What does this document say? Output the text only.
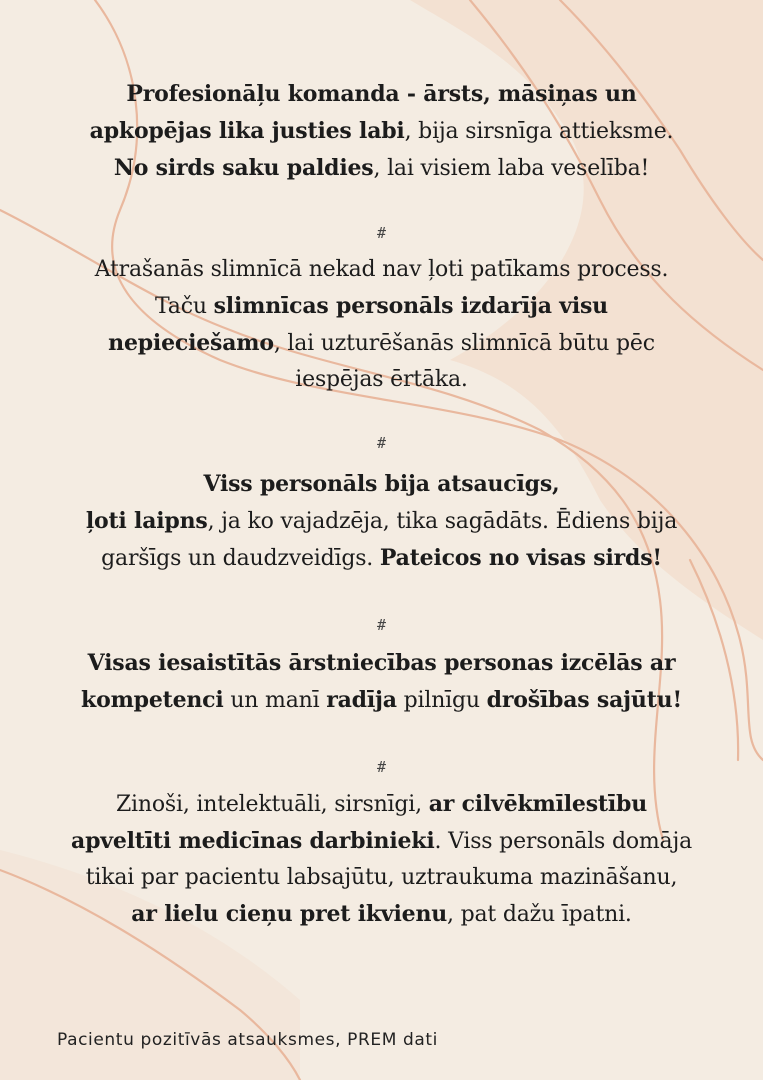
Profesionāļu komanda - ārsts, māsiņas un apkopējas lika justies labi, bija sirsnīga attieksme. No sirds saku paldies, lai visiem laba veselība!
#
Atrašanās slimnīcā nekad nav ļoti patīkams process. Taču slimnīcas personāls izdarīja visu nepieciešamo, lai uzturēšanās slimnīcā būtu pēc iespējas ērtāka.
#
Viss personāls bija atsaucīgs,
ļoti laipns, ja ko vajadzēja, tika sagādāts. Ēdiens bija garšīgs un daudzveidīgs. Pateicos no visas sirds!
#
Visas iesaistītās ārstniecības personas izcēlās ar kompetenci un manī radīja pilnīgu drošības sajūtu!
#
Zinoši, intelektuāli, sirsnīgi, ar cilvēkmīlestību apveltīti medicīnas darbinieki. Viss personāls domāja tikai par pacientu labsajūtu, uztraukuma mazināšanu, ar lielu cieņu pret ikvienu, pat dažu īpatni.
Pacientu pozitīvās atsauksmes, PREM dati
